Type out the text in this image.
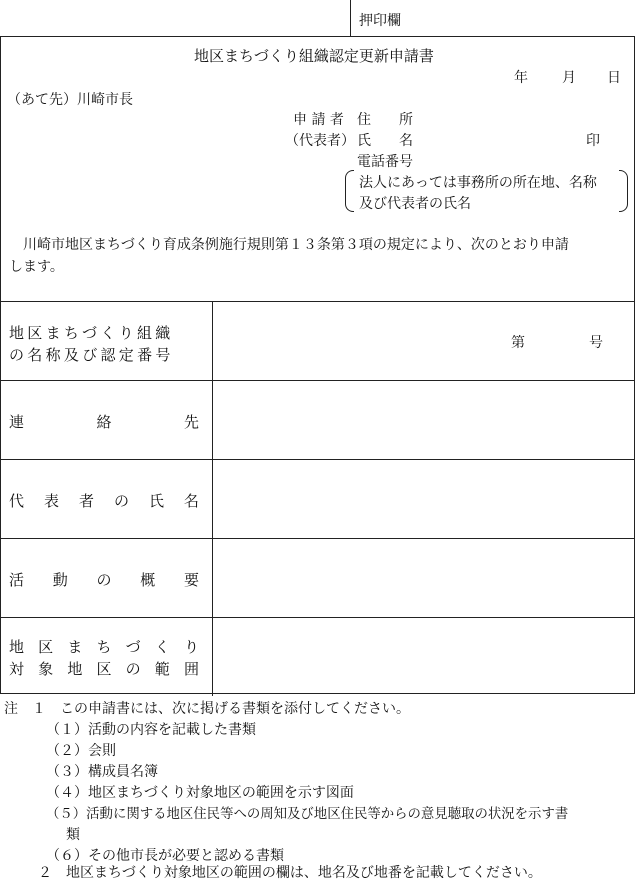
押印欄
地区まちづくり組織認定更新申請書
年 月 日
（あて先）川崎市長
申 請 者 住　　所
（代表者） 氏　　名	印
電話番号
法人にあっては事務所の所在地、名称
及び代表者の氏名
　川崎市地区まちづくり育成条例施行規則第１３条第３項の規定により、次のとおり申請
します。
地区まちづくり組織
の名称及び認定番号
第	号
連	絡	先
代 表 者 の 氏 名
活 動 の 概 要
地 区 ま ち づ く り
対 象 地 区 の 範 囲
注　１　この申請書には、次に掲げる書類を添付してください。
（１）活動の内容を記載した書類
（２）会則
（３）構成員名簿
（４）地区まちづくり対象地区の範囲を示す図面
（５）活動に関する地区住民等への周知及び地区住民等からの意見聴取の状況を示す書
類
（６）その他市長が必要と認める書類
２　地区まちづくり対象地区の範囲の欄は、地名及び地番を記載してください。
